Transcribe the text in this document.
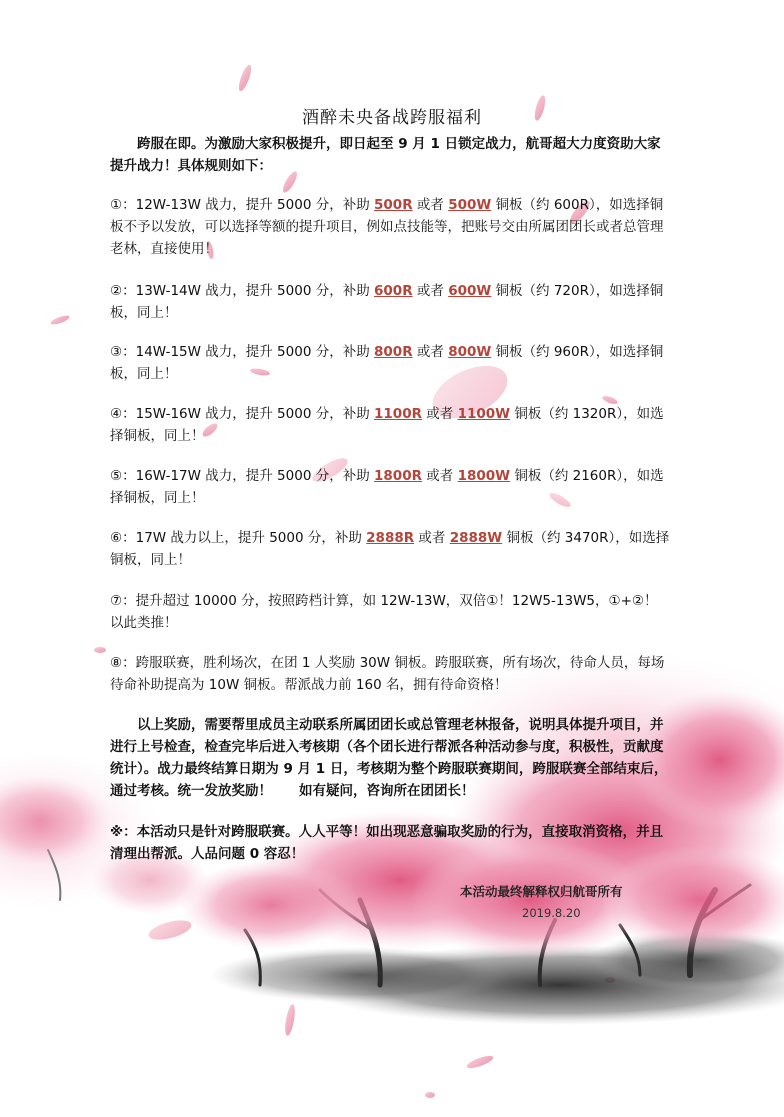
酒醉未央备战跨服福利

跨服在即。为激励大家积极提升，即日起至 9 月 1 日锁定战力，航哥超大力度资助大家提升战力！具体规则如下：

①：12W-13W 战力，提升 5000 分，补助 500R 或者 500W 铜板（约 600R），如选择铜板不予以发放，可以选择等额的提升项目，例如点技能等，把账号交由所属团团长或者总管理老林，直接使用！

②：13W-14W 战力，提升 5000 分，补助 600R 或者 600W 铜板（约 720R），如选择铜板，同上！

③：14W-15W 战力，提升 5000 分，补助 800R 或者 800W 铜板（约 960R），如选择铜板，同上！

④：15W-16W 战力，提升 5000 分，补助 1100R 或者 1100W 铜板（约 1320R），如选择铜板，同上！

⑤：16W-17W 战力，提升 5000 分，补助 1800R 或者 1800W 铜板（约 2160R），如选择铜板，同上！

⑥：17W 战力以上，提升 5000 分，补助 2888R 或者 2888W 铜板（约 3470R），如选择铜板，同上！

⑦：提升超过 10000 分，按照跨档计算，如 12W-13W，双倍①！12W5-13W5，①+②！以此类推！

⑧：跨服联赛，胜利场次，在团 1 人奖励 30W 铜板。跨服联赛，所有场次，待命人员，每场待命补助提高为 10W 铜板。帮派战力前 160 名，拥有待命资格！

以上奖励，需要帮里成员主动联系所属团团长或总管理老林报备，说明具体提升项目，并进行上号检查，检查完毕后进入考核期（各个团长进行帮派各种活动参与度，积极性，贡献度统计）。战力最终结算日期为 9 月 1 日，考核期为整个跨服联赛期间，跨服联赛全部结束后，通过考核。统一发放奖励！　　如有疑问，咨询所在团团长！

※：本活动只是针对跨服联赛。人人平等！如出现恶意骗取奖励的行为，直接取消资格，并且清理出帮派。人品问题 0 容忍！

本活动最终解释权归航哥所有
2019.8.20
